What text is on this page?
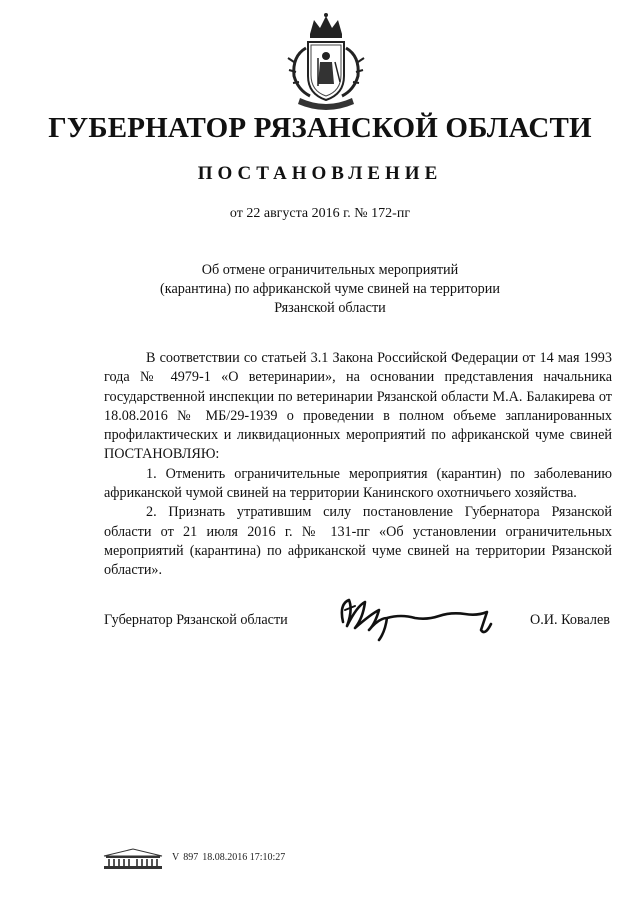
ГУБЕРНАТОР РЯЗАНСКОЙ ОБЛАСТИ
ПОСТАНОВЛЕНИЕ
от 22 августа 2016 г. № 172-пг
Об отмене ограничительных мероприятий
(карантина) по африканской чуме свиней на территории
Рязанской области

В соответствии со статьей 3.1 Закона Российской Федерации от 14 мая 1993 года № 4979-1 «О ветеринарии», на основании представления начальника государственной инспекции по ветеринарии Рязанской области М.А. Балакирева от 18.08.2016 № МБ/29-1939 о проведении в полном объеме запланированных профилактических и ликвидационных мероприятий по африканской чуме свиней ПОСТАНОВЛЯЮ:

1. Отменить ограничительные мероприятия (карантин) по заболеванию африканской чумой свиней на территории Канинского охотничьего хозяйства.

2. Признать утратившим силу постановление Губернатора Рязанской области от 21 июля 2016 г. № 131-пг «Об установлении ограничительных мероприятий (карантина) по африканской чуме свиней на территории Рязанской области».

Губернатор Рязанской области	О.И. Ковалев
V 897 18.08.2016 17:10:27
